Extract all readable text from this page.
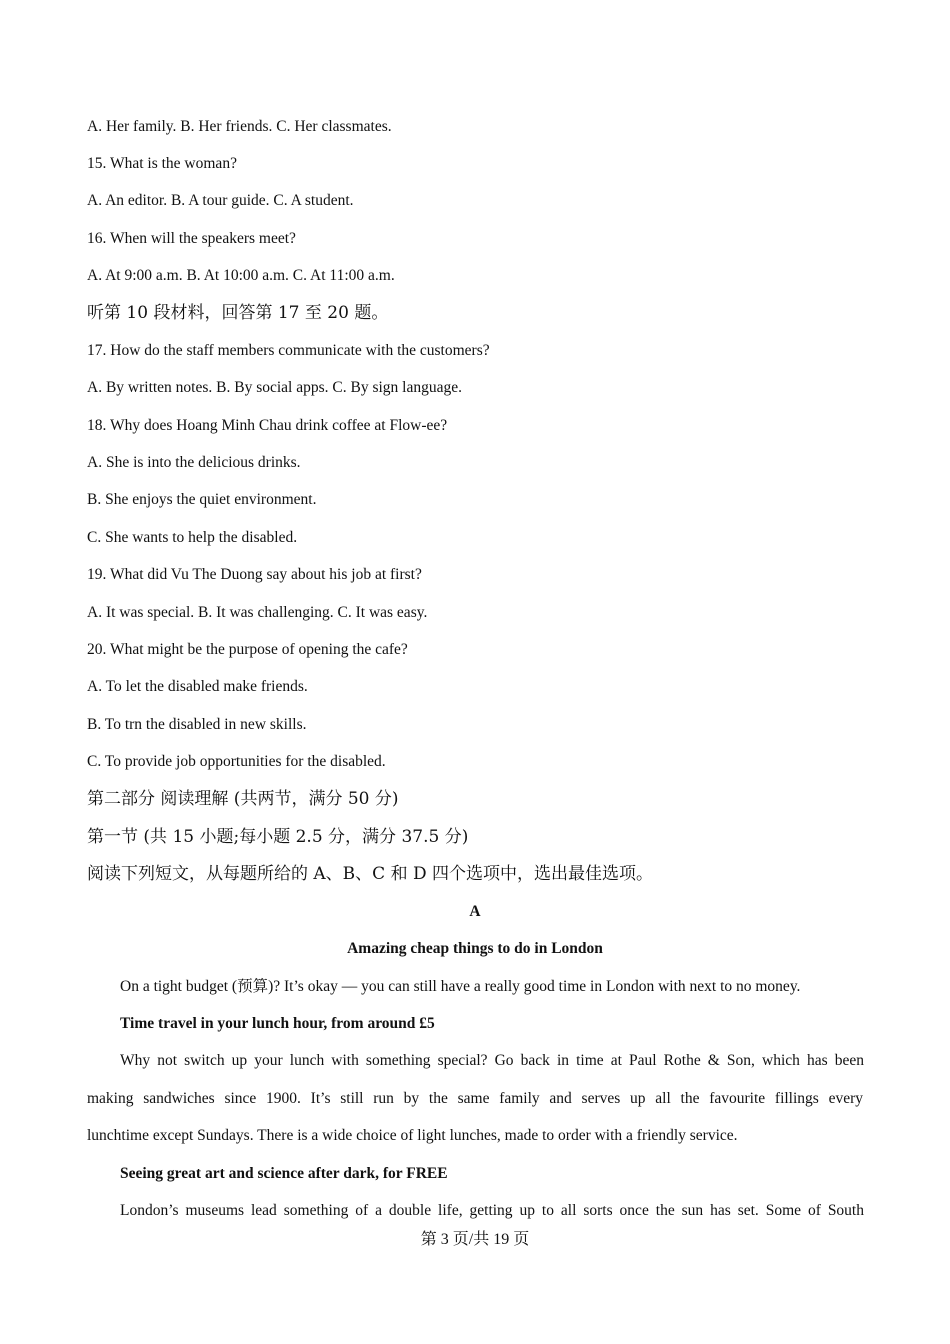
A. Her family. B. Her friends. C. Her classmates.

15. What is the woman?

A. An editor. B. A tour guide. C. A student.

16. When will the speakers meet?

A. At 9:00 a.m. B. At 10:00 a.m. C. At 11:00 a.m.

听第 10 段材料，回答第 17 至 20 题。

17. How do the staff members communicate with the customers?

A. By written notes. B. By social apps. C. By sign language.

18. Why does Hoang Minh Chau drink coffee at Flow-ee?

A. She is into the delicious drinks.

B. She enjoys the quiet environment.

C. She wants to help the disabled.

19. What did Vu The Duong say about his job at first?

A. It was special. B. It was challenging. C. It was easy.

20. What might be the purpose of opening the cafe?

A. To let the disabled make friends.

B. To trn the disabled in new skills.

C. To provide job opportunities for the disabled.

第二部分 阅读理解 (共两节，满分 50 分)

第一节 (共 15 小题;每小题 2.5 分，满分 37.5 分)

阅读下列短文，从每题所给的 A、B、C 和 D 四个选项中，选出最佳选项。

A

Amazing cheap things to do in London

On a tight budget (预算)? It’s okay — you can still have a really good time in London with next to no money.

Time travel in your lunch hour, from around £5

Why not switch up your lunch with something special? Go back in time at Paul Rothe & Son, which has been

making sandwiches since 1900. It’s still run by the same family and serves up all the favourite fillings every

lunchtime except Sundays. There is a wide choice of light lunches, made to order with a friendly service.

Seeing great art and science after dark, for FREE

London’s museums lead something of a double life, getting up to all sorts once the sun has set. Some of South

第 3 页/共 19 页
